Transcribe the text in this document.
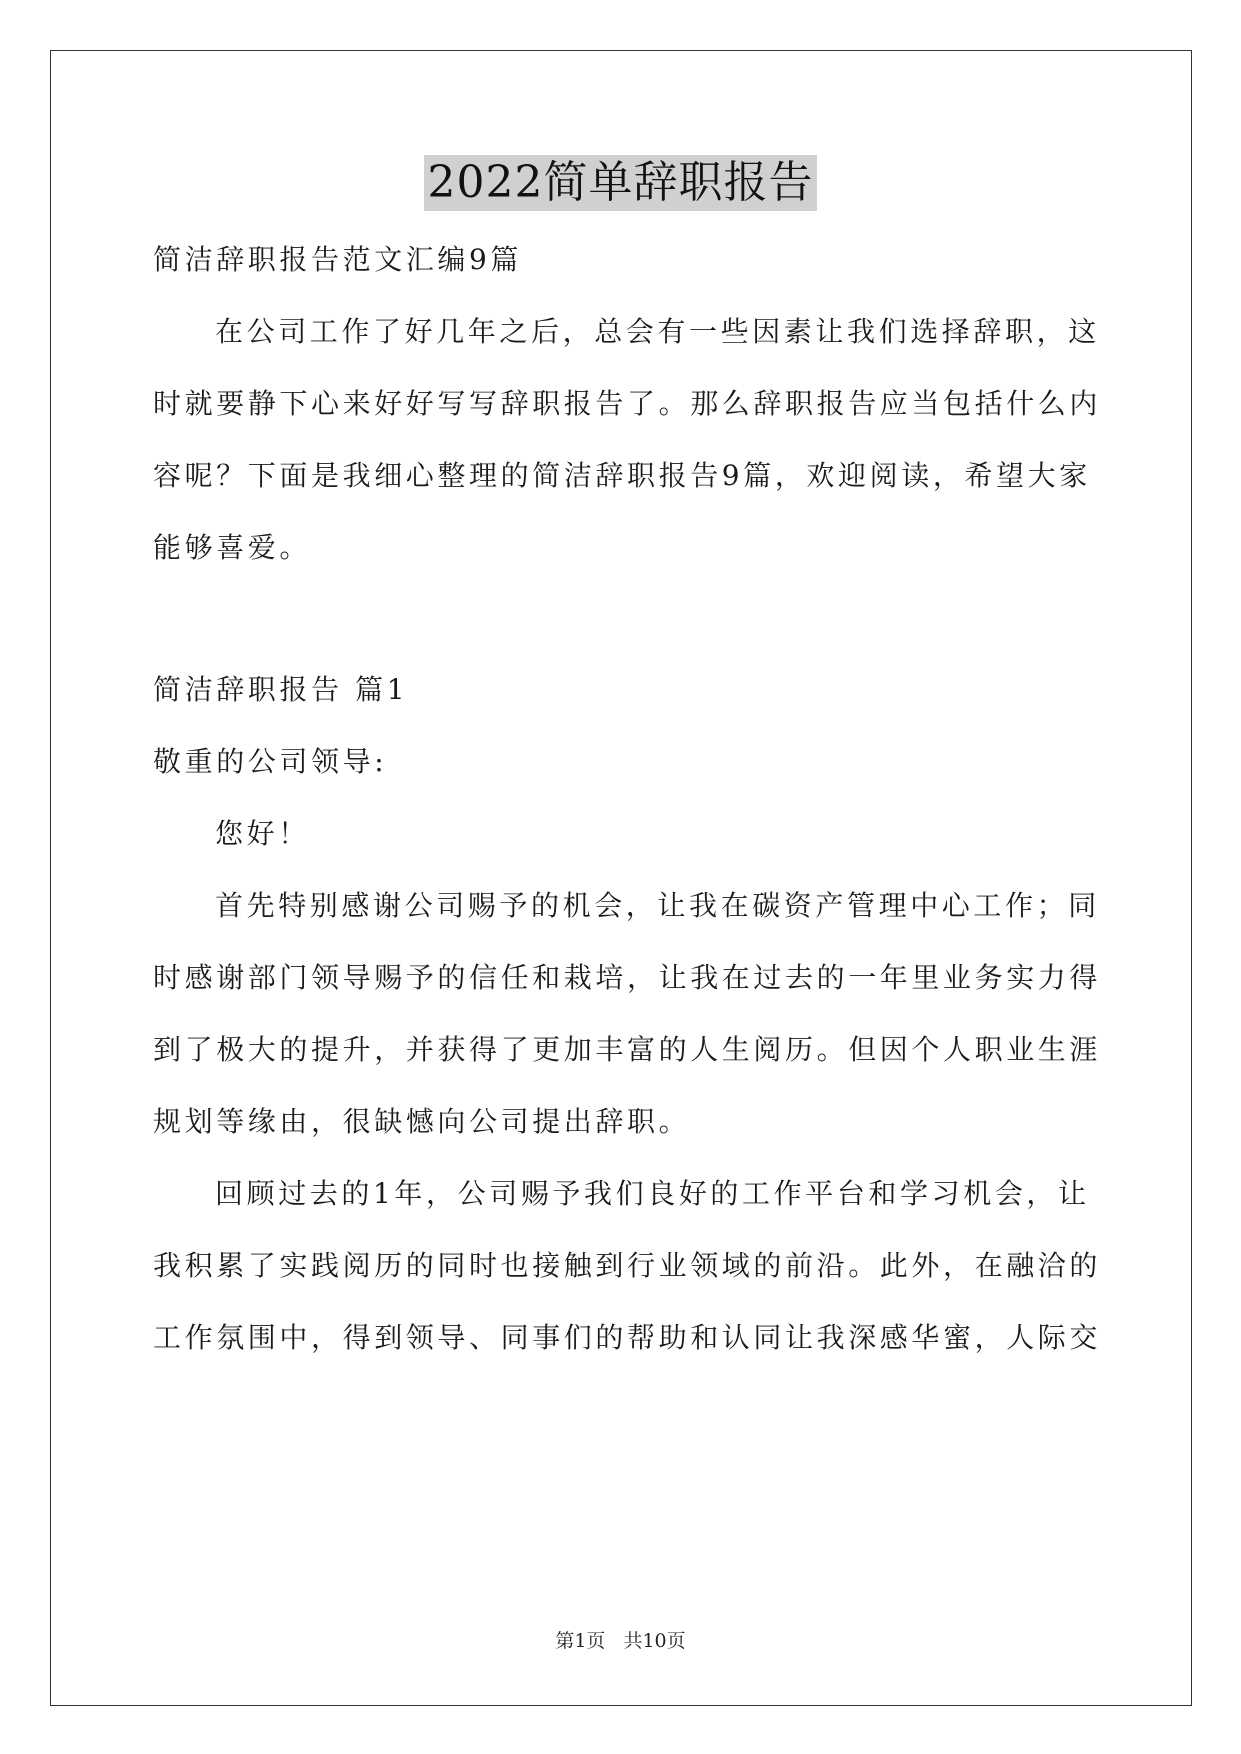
2022简单辞职报告
简洁辞职报告范文汇编9篇
在公司工作了好几年之后，总会有一些因素让我们选择辞职，这
时就要静下心来好好写写辞职报告了。那么辞职报告应当包括什么内
容呢？下面是我细心整理的简洁辞职报告9篇，欢迎阅读，希望大家
能够喜爱。
简洁辞职报告 篇1
敬重的公司领导:
您好！
首先特别感谢公司赐予的机会，让我在碳资产管理中心工作；同
时感谢部门领导赐予的信任和栽培，让我在过去的一年里业务实力得
到了极大的提升，并获得了更加丰富的人生阅历。但因个人职业生涯
规划等缘由，很缺憾向公司提出辞职。
回顾过去的1年，公司赐予我们良好的工作平台和学习机会，让
我积累了实践阅历的同时也接触到行业领域的前沿。此外，在融洽的
工作氛围中，得到领导、同事们的帮助和认同让我深感华蜜，人际交
第1页 共10页
